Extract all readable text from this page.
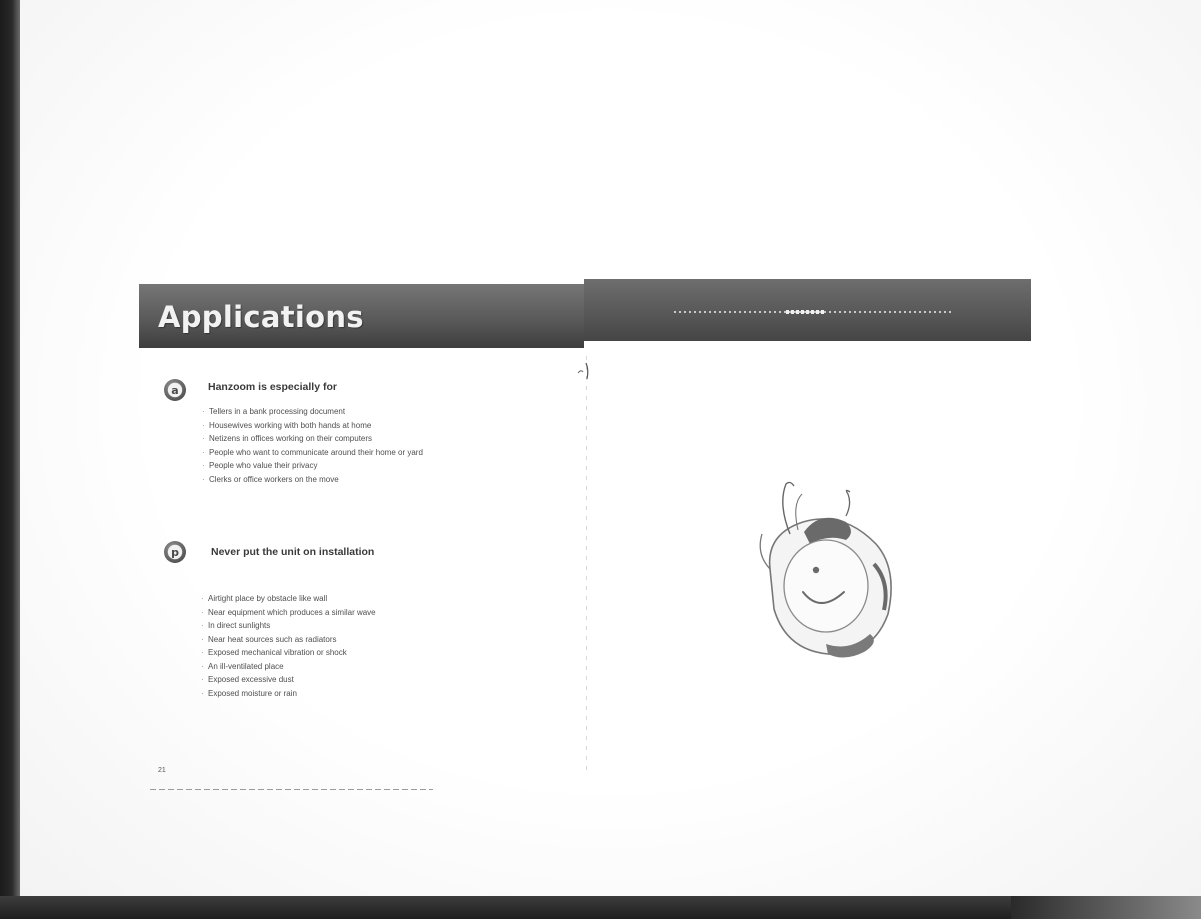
Applications
a	Hanzoom is especially for
· Tellers in a bank processing document
· Housewives working with both hands at home
· Netizens in offices working on their computers
· People who want to communicate around their home or yard
· People who value their privacy
· Clerks or office workers on the move
p	Never put the unit on installation
· Airtight place by obstacle like wall
· Near equipment which produces a similar wave
· In direct sunlights
· Near heat sources such as radiators
· Exposed mechanical vibration or shock
· An ill-ventilated place
· Exposed excessive dust
· Exposed moisture or rain

21
